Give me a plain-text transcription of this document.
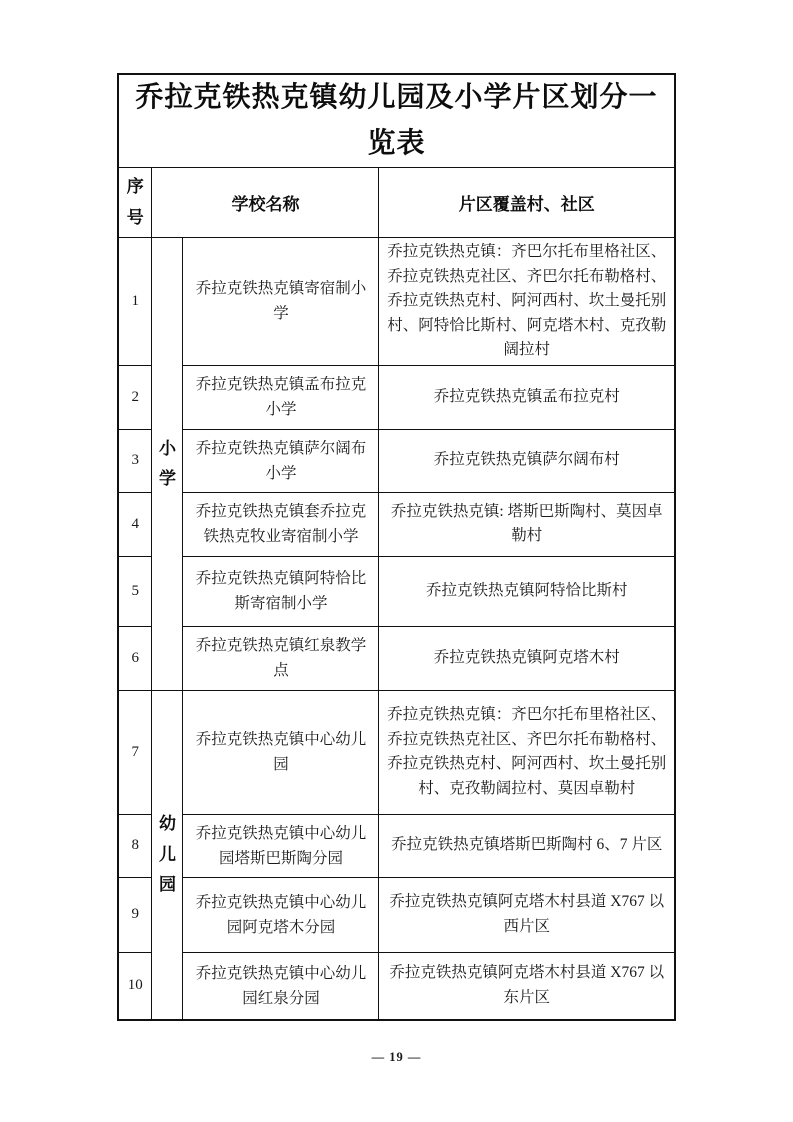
乔拉克铁热克镇幼儿园及小学片区划分一览表			
序号	学校名称		片区覆盖村、社区
1	小学	乔拉克铁热克镇寄宿制小学	乔拉克铁热克镇：齐巴尔托布里格社区、乔拉克铁热克社区、齐巴尔托布勒格村、乔拉克铁热克村、阿河西村、坎土曼托别村、阿特恰比斯村、阿克塔木村、克孜勒阔拉村
2		乔拉克铁热克镇孟布拉克小学	乔拉克铁热克镇孟布拉克村
3		乔拉克铁热克镇萨尔阔布小学	乔拉克铁热克镇萨尔阔布村
4		乔拉克铁热克镇套乔拉克铁热克牧业寄宿制小学	乔拉克铁热克镇: 塔斯巴斯陶村、莫因卓勒村
5		乔拉克铁热克镇阿特恰比斯寄宿制小学	乔拉克铁热克镇阿特恰比斯村
6		乔拉克铁热克镇红泉教学点	乔拉克铁热克镇阿克塔木村
7	幼儿园	乔拉克铁热克镇中心幼儿园	乔拉克铁热克镇：齐巴尔托布里格社区、乔拉克铁热克社区、齐巴尔托布勒格村、乔拉克铁热克村、阿河西村、坎土曼托别村、克孜勒阔拉村、莫因卓勒村
8		乔拉克铁热克镇中心幼儿园塔斯巴斯陶分园	乔拉克铁热克镇塔斯巴斯陶村 6、7 片区
9		乔拉克铁热克镇中心幼儿园阿克塔木分园	乔拉克铁热克镇阿克塔木村县道 X767 以西片区
10		乔拉克铁热克镇中心幼儿园红泉分园	乔拉克铁热克镇阿克塔木村县道 X767 以东片区
— 19 —
